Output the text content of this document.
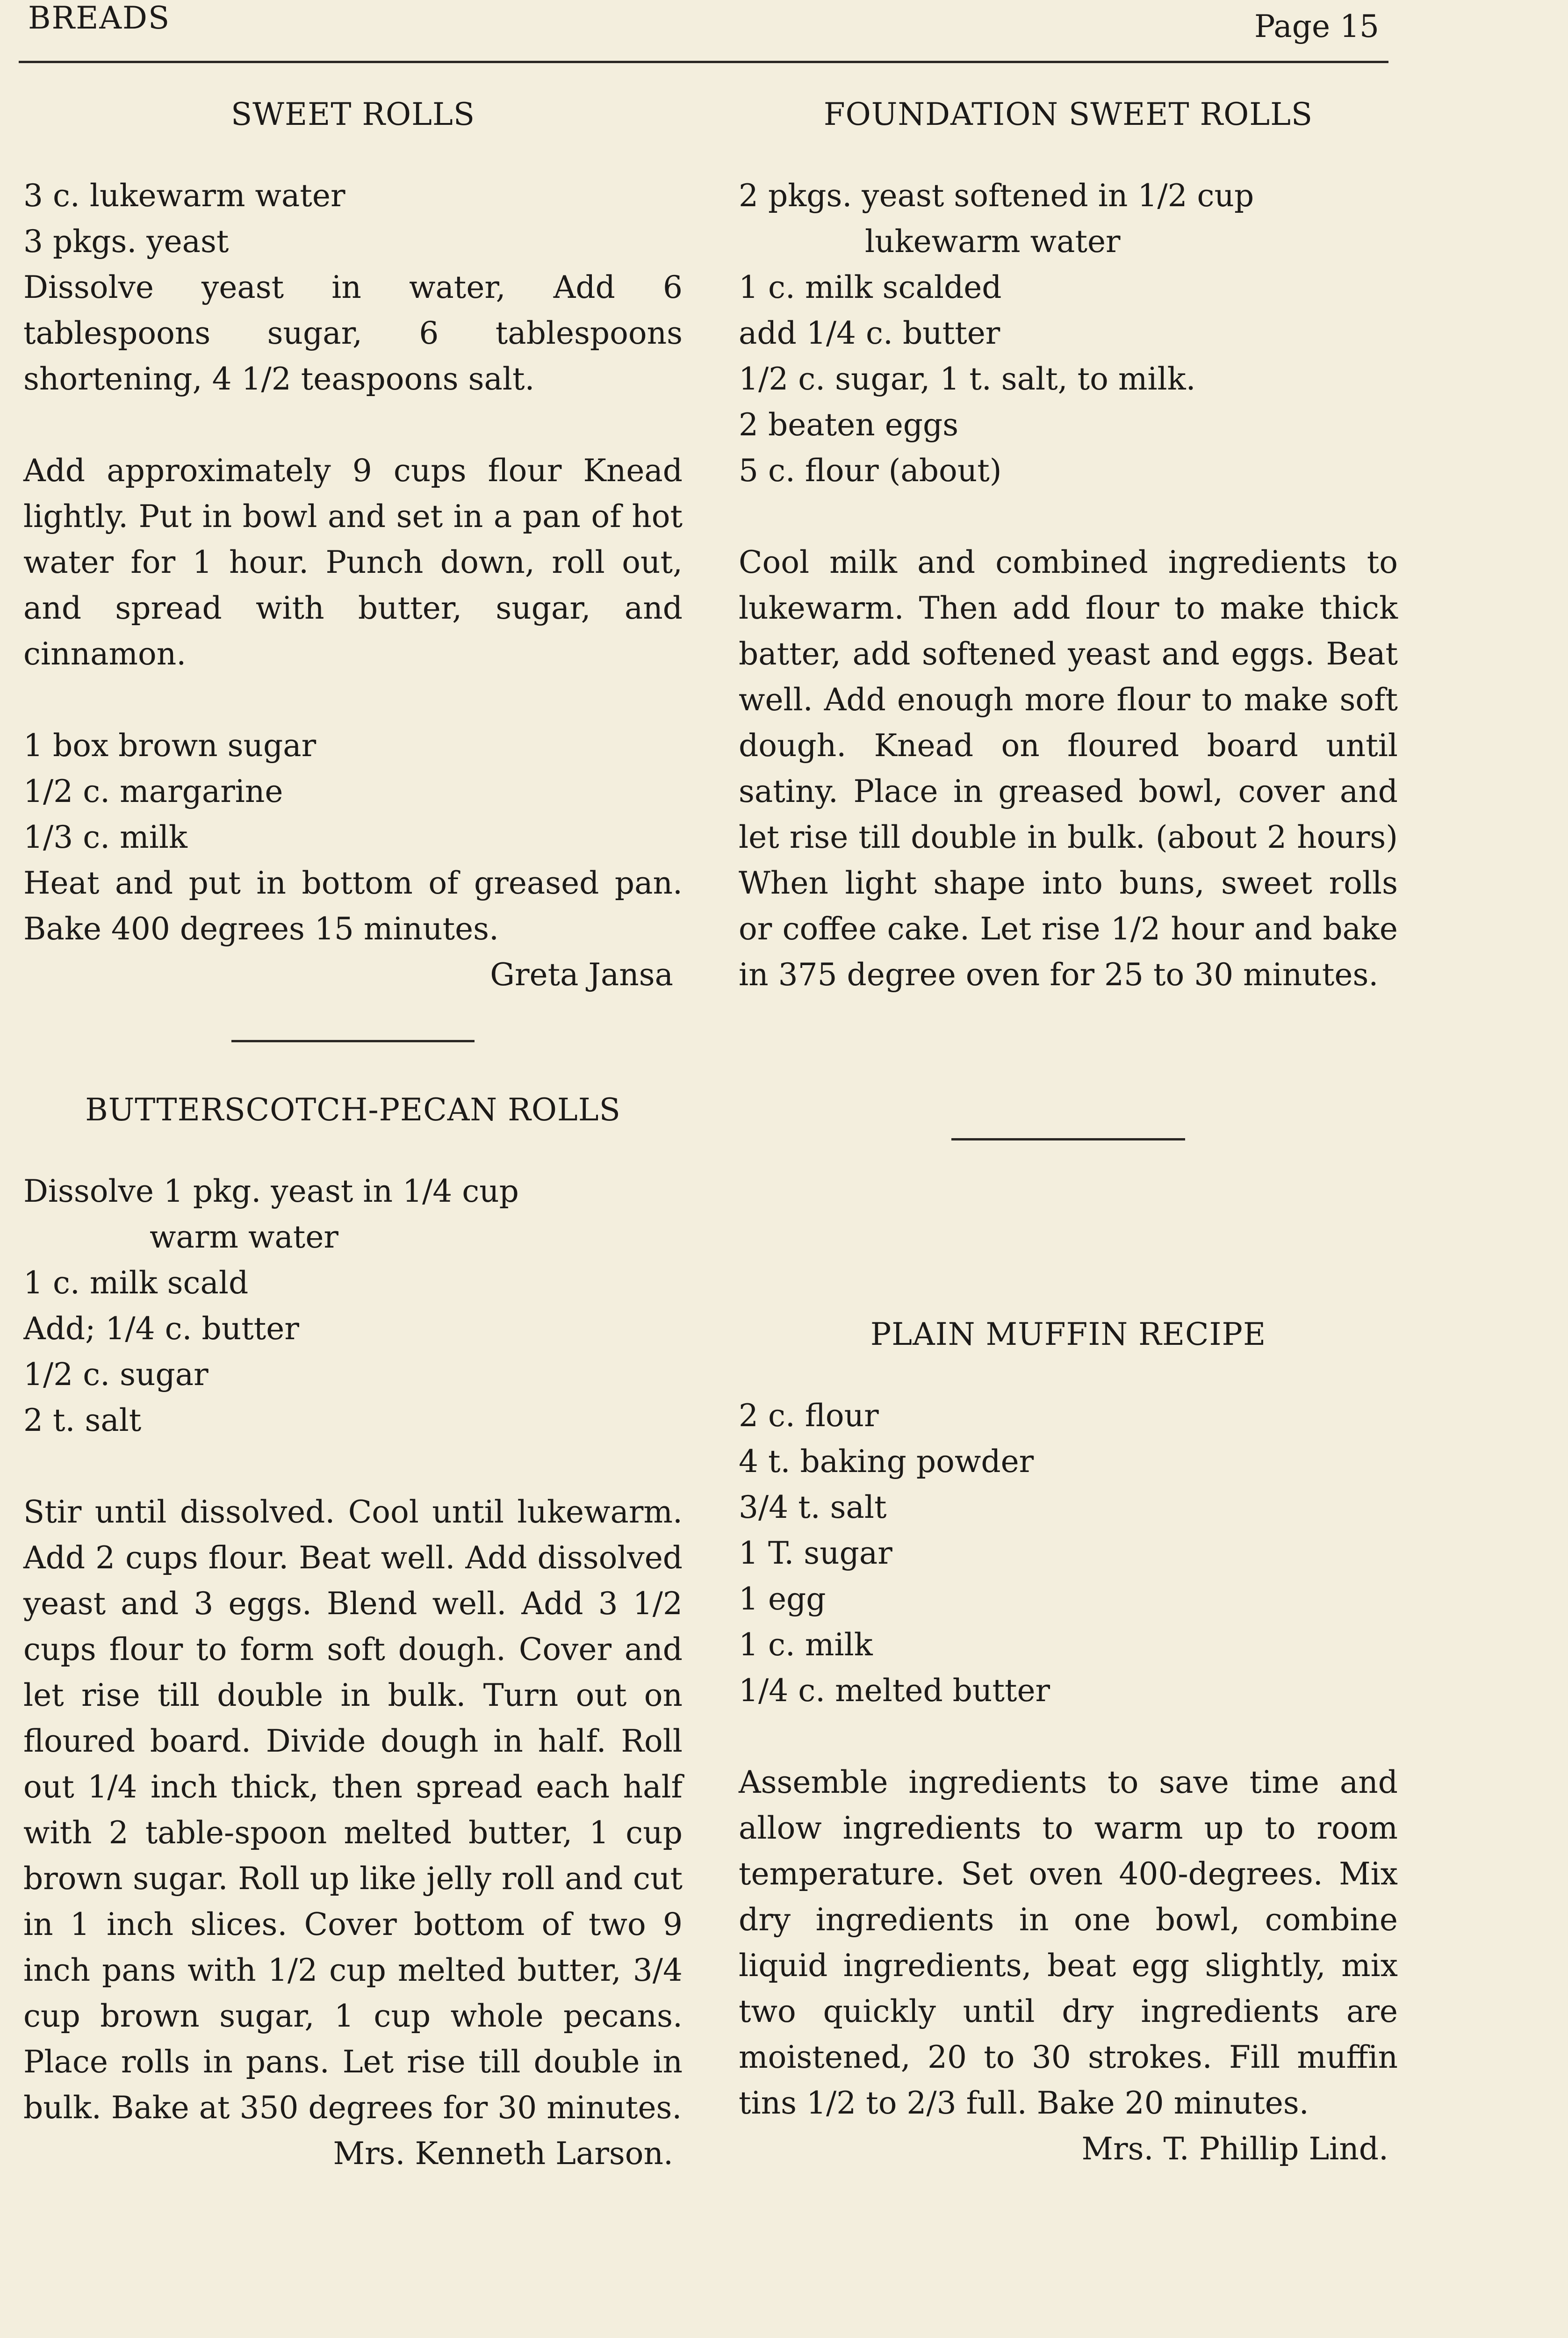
BREADS	Page 15
SWEET ROLLS
3 c. lukewarm water
3 pkgs. yeast

Dissolve yeast in water, Add 6 tablespoons sugar, 6 tablespoons shortening, 4 1/2 teaspoons salt.

Add approximately 9 cups flour Knead lightly. Put in bowl and set in a pan of hot water for 1 hour. Punch down, roll out, and spread with butter, sugar, and cinnamon.

1 box brown sugar
1/2 c. margarine
1/3 c. milk

Heat and put in bottom of greased pan. Bake 400 degrees 15 minutes.

Greta Jansa
BUTTERSCOTCH-PECAN ROLLS
Dissolve 1 pkg. yeast in 1/4 cup
warm water
1 c. milk scald
Add; 1/4 c. butter
1/2 c. sugar
2 t. salt

Stir until dissolved. Cool until lukewarm. Add 2 cups flour. Beat well. Add dissolved yeast and 3 eggs. Blend well. Add 3 1/2 cups flour to form soft dough. Cover and let rise till double in bulk. Turn out on floured board. Divide dough in half. Roll out 1/4 inch thick, then spread each half with 2 table-spoon melted butter, 1 cup brown sugar. Roll up like jelly roll and cut in 1 inch slices. Cover bottom of two 9 inch pans with 1/2 cup melted butter, 3/4 cup brown sugar, 1 cup whole pecans. Place rolls in pans. Let rise till double in bulk. Bake at 350 degrees for 30 minutes.

Mrs. Kenneth Larson.
FOUNDATION SWEET ROLLS
2 pkgs. yeast softened in 1/2 cup
lukewarm water
1 c. milk scalded
add 1/4 c. butter
1/2 c. sugar, 1 t. salt, to milk.
2 beaten eggs
5 c. flour (about)

Cool milk and combined ingredients to lukewarm. Then add flour to make thick batter, add softened yeast and eggs. Beat well. Add enough more flour to make soft dough. Knead on floured board until satiny. Place in greased bowl, cover and let rise till double in bulk. (about 2 hours) When light shape into buns, sweet rolls or coffee cake. Let rise 1/2 hour and bake in 375 degree oven for 25 to 30 minutes.

PLAIN MUFFIN RECIPE
2 c. flour
4 t. baking powder
3/4 t. salt
1 T. sugar
1 egg
1 c. milk
1/4 c. melted butter

Assemble ingredients to save time and allow ingredients to warm up to room temperature. Set oven 400-degrees. Mix dry ingredients in one bowl, combine liquid ingredients, beat egg slightly, mix two quickly until dry ingredients are moistened, 20 to 30 strokes. Fill muffin tins 1/2 to 2/3 full. Bake 20 minutes.

Mrs. T. Phillip Lind.
